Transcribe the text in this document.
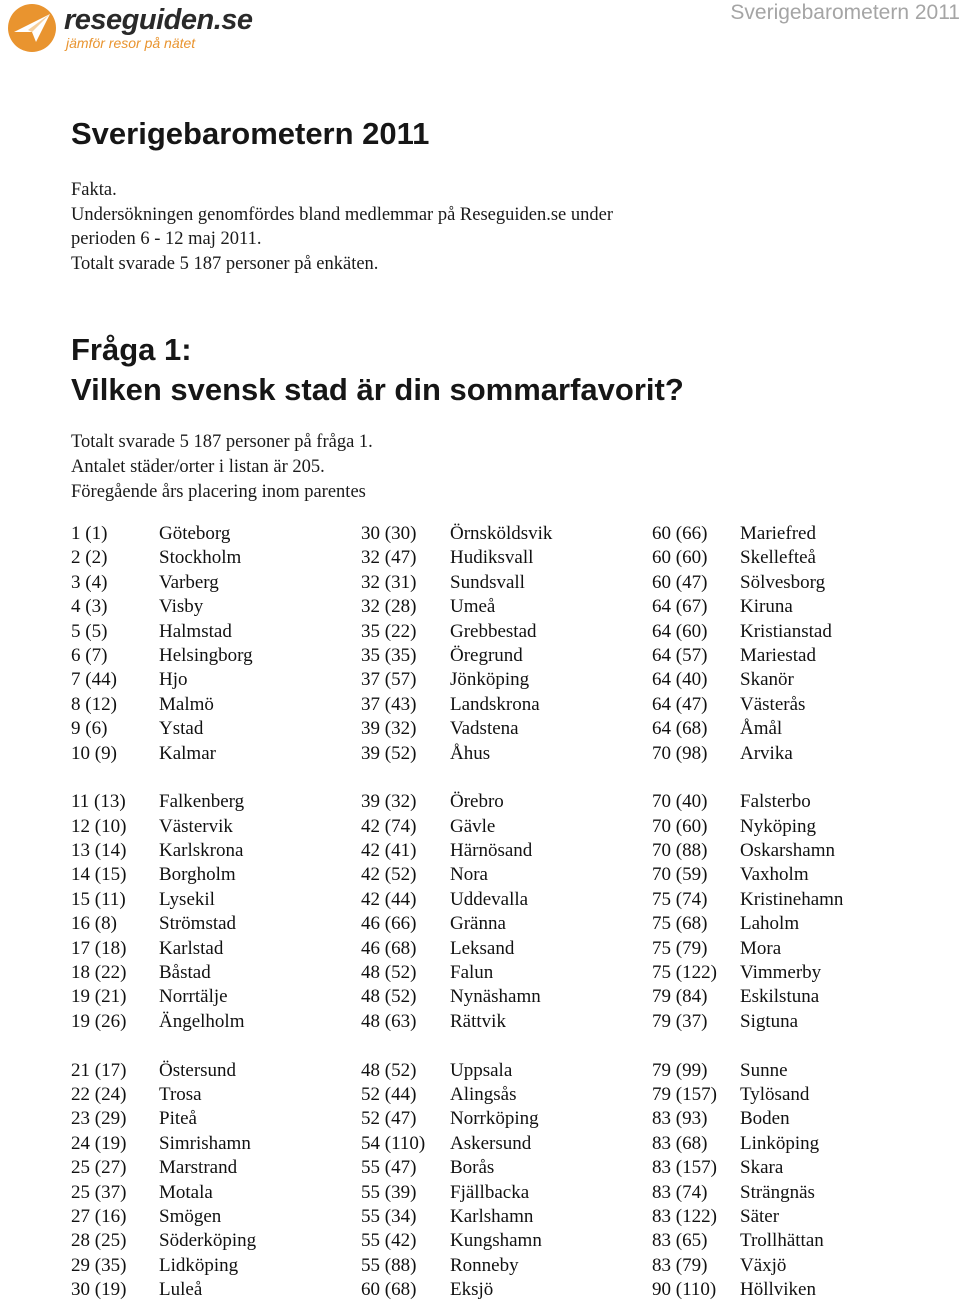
reseguiden.se
jämför resor på nätet
Sverigebarometern 2011
Sverigebarometern 2011
Fakta.
Undersökningen genomfördes bland medlemmar på Reseguiden.se under
perioden 6 - 12 maj 2011.
Totalt svarade 5 187 personer på enkäten.
Fråga 1:
Vilken svensk stad är din sommarfavorit?
Totalt svarade 5 187 personer på fråga 1.
Antalet städer/orter i listan är 205.
Föregående års placering inom parentes
1 (1)
2 (2)
3 (4)
4 (3)
5 (5)
6 (7)
7 (44)
8 (12)
9 (6)
10 (9)
11 (13)
12 (10)
13 (14)
14 (15)
15 (11)
16 (8)
17 (18)
18 (22)
19 (21)
19 (26)
21 (17)
22 (24)
23 (29)
24 (19)
25 (27)
25 (37)
27 (16)
28 (25)
29 (35)
30 (19)
Göteborg
Stockholm
Varberg
Visby
Halmstad
Helsingborg
Hjo
Malmö
Ystad
Kalmar
Falkenberg
Västervik
Karlskrona
Borgholm
Lysekil
Strömstad
Karlstad
Båstad
Norrtälje
Ängelholm
Östersund
Trosa
Piteå
Simrishamn
Marstrand
Motala
Smögen
Söderköping
Lidköping
Luleå
30 (30)
32 (47)
32 (31)
32 (28)
35 (22)
35 (35)
37 (57)
37 (43)
39 (32)
39 (52)
39 (32)
42 (74)
42 (41)
42 (52)
42 (44)
46 (66)
46 (68)
48 (52)
48 (52)
48 (63)
48 (52)
52 (44)
52 (47)
54 (110)
55 (47)
55 (39)
55 (34)
55 (42)
55 (88)
60 (68)
Örnsköldsvik
Hudiksvall
Sundsvall
Umeå
Grebbestad
Öregrund
Jönköping
Landskrona
Vadstena
Åhus
Örebro
Gävle
Härnösand
Nora
Uddevalla
Gränna
Leksand
Falun
Nynäshamn
Rättvik
Uppsala
Alingsås
Norrköping
Askersund
Borås
Fjällbacka
Karlshamn
Kungshamn
Ronneby
Eksjö
60 (66)
60 (60)
60 (47)
64 (67)
64 (60)
64 (57)
64 (40)
64 (47)
64 (68)
70 (98)
70 (40)
70 (60)
70 (88)
70 (59)
75 (74)
75 (68)
75 (79)
75 (122)
79 (84)
79 (37)
79 (99)
79 (157)
83 (93)
83 (68)
83 (157)
83 (74)
83 (122)
83 (65)
83 (79)
90 (110)
Mariefred
Skellefteå
Sölvesborg
Kiruna
Kristianstad
Mariestad
Skanör
Västerås
Åmål
Arvika
Falsterbo
Nyköping
Oskarshamn
Vaxholm
Kristinehamn
Laholm
Mora
Vimmerby
Eskilstuna
Sigtuna
Sunne
Tylösand
Boden
Linköping
Skara
Strängnäs
Säter
Trollhättan
Växjö
Höllviken
